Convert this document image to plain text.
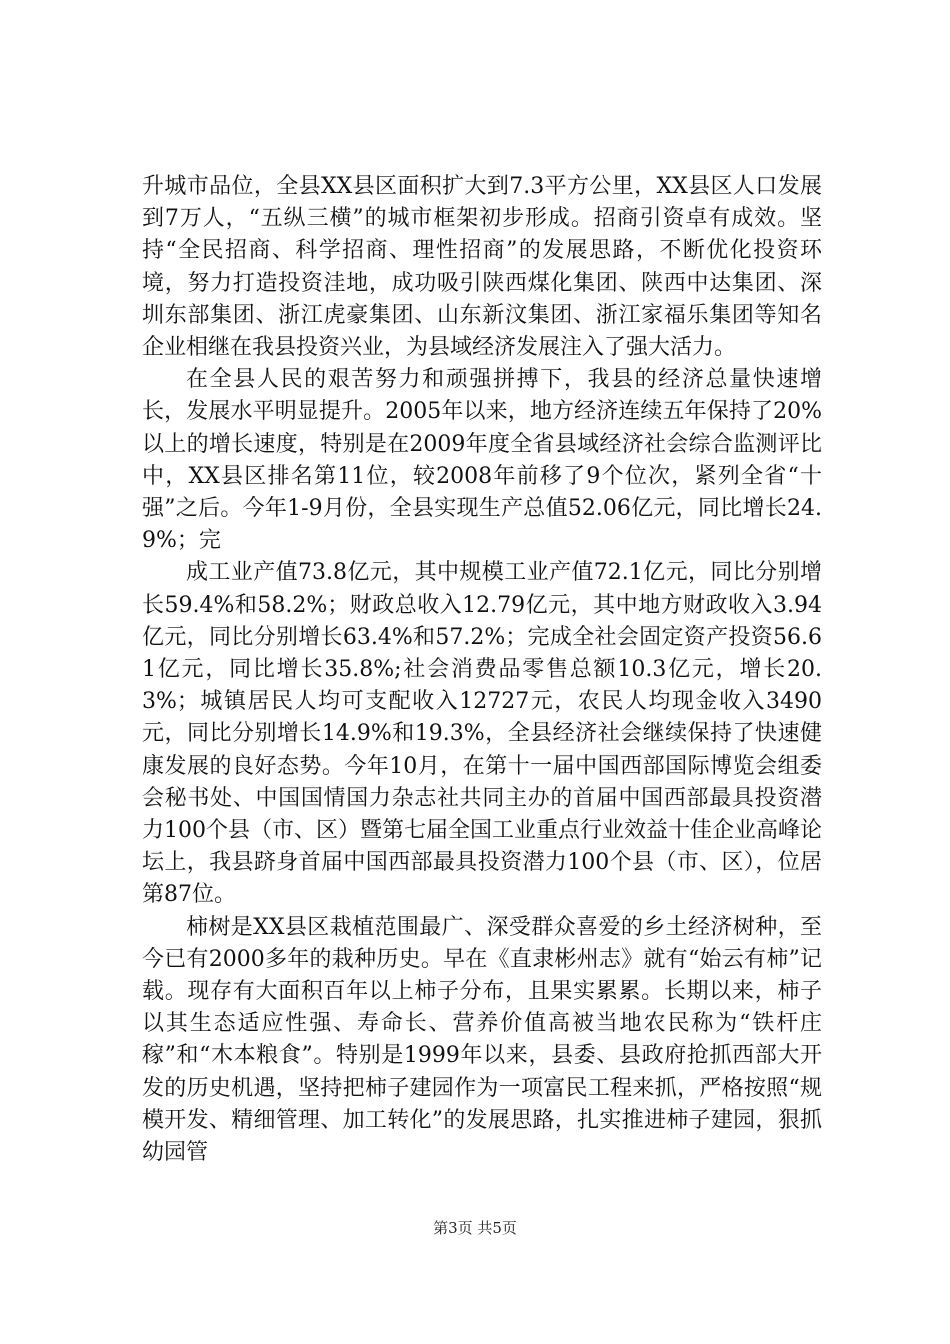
升城市品位，全县XX县区面积扩大到7.3平方公里，XX县区人口发展到7万人，“五纵三横”的城市框架初步形成。招商引资卓有成效。坚持“全民招商、科学招商、理性招商”的发展思路，不断优化投资环境，努力打造投资洼地，成功吸引陕西煤化集团、陕西中达集团、深圳东部集团、浙江虎豪集团、山东新汶集团、浙江家福乐集团等知名企业相继在我县投资兴业，为县域经济发展注入了强大活力。

在全县人民的艰苦努力和顽强拼搏下，我县的经济总量快速增长，发展水平明显提升。2005年以来，地方经济连续五年保持了20%以上的增长速度，特别是在2009年度全省县域经济社会综合监测评比中，XX县区排名第11位，较2008年前移了9个位次，紧列全省“十强”之后。今年1-9月份，全县实现生产总值52.06亿元，同比增长24.9%；完

成工业产值73.8亿元，其中规模工业产值72.1亿元，同比分别增长59.4%和58.2%；财政总收入12.79亿元，其中地方财政收入3.94亿元，同比分别增长63.4%和57.2%；完成全社会固定资产投资56.61亿元，同比增长35.8%;社会消费品零售总额10.3亿元，增长20.3%；城镇居民人均可支配收入12727元，农民人均现金收入3490元，同比分别增长14.9%和19.3%，全县经济社会继续保持了快速健康发展的良好态势。今年10月，在第十一届中国西部国际博览会组委会秘书处、中国国情国力杂志社共同主办的首届中国西部最具投资潜力100个县（市、区）暨第七届全国工业重点行业效益十佳企业高峰论坛上，我县跻身首届中国西部最具投资潜力100个县（市、区），位居第87位。

柿树是XX县区栽植范围最广、深受群众喜爱的乡土经济树种，至今已有2000多年的栽种历史。早在《直隶彬州志》就有“始云有柿”记载。现存有大面积百年以上柿子分布，且果实累累。长期以来，柿子以其生态适应性强、寿命长、营养价值高被当地农民称为“铁杆庄稼”和“木本粮食”。特别是1999年以来，县委、县政府抢抓西部大开发的历史机遇，坚持把柿子建园作为一项富民工程来抓，严格按照“规模开发、精细管理、加工转化”的发展思路，扎实推进柿子建园，狠抓幼园管

第3页 共5页
